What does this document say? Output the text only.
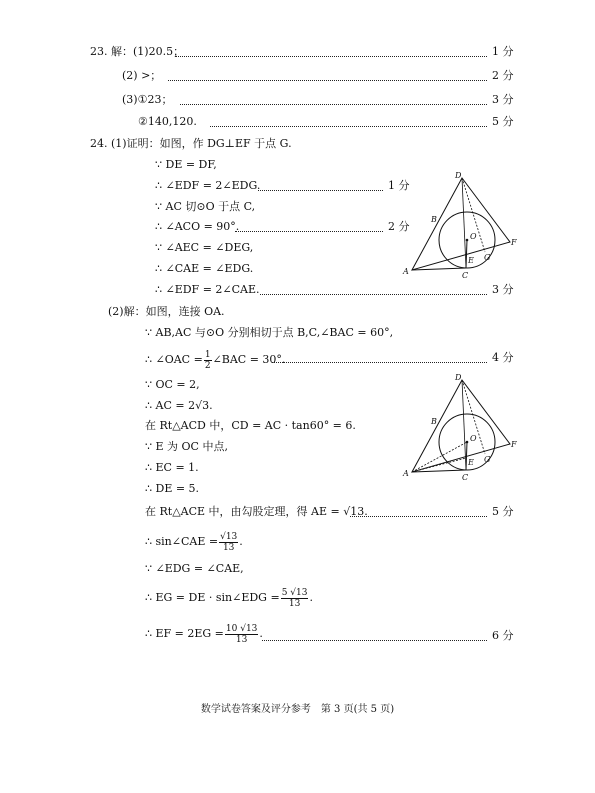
23. 解：(1)20.5；	1 分
(2) >；	2 分
(3)①23；	3 分
②140,120.	5 分
24. (1)证明：如图，作 DG⊥EF 于点 G.
∵ DE = DF,
∴ ∠EDF = 2∠EDG.	1 分
∵ AC 切⊙O 于点 C,
∴ ∠ACO = 90°.	2 分
∵ ∠AEC = ∠DEG,
∴ ∠CAE = ∠EDG.
∴ ∠EDF = 2∠CAE.	3 分
D
B
O
F
A
E G
C
(2)解：如图，连接 OA.
∵ AB,AC 与⊙O 分别相切于点 B,C,∠BAC = 60°,
∴ ∠OAC = $\frac{1}{2}$ ∠BAC = 30°.	4 分
∵ OC = 2,
∴ AC = 2√3.
在 Rt△ACD 中，CD = AC · tan60° = 6.
∵ E 为 OC 中点,
∴ EC = 1.
∴ DE = 5.
在 Rt△ACE 中，由勾股定理，得 AE = √13.	5 分
∴ sin∠CAE = $\frac{√13}{13}$ .
∵ ∠EDG = ∠CAE,
∴ EG = DE · sin∠EDG = $\frac{5 √13}{13}$ .
∴ EF = $2EG = \frac{10 √13}{13}$ .	6 分
D
B
O
F
A
E G
C
数学试卷答案及评分参考　第 3 页(共 5 页)
